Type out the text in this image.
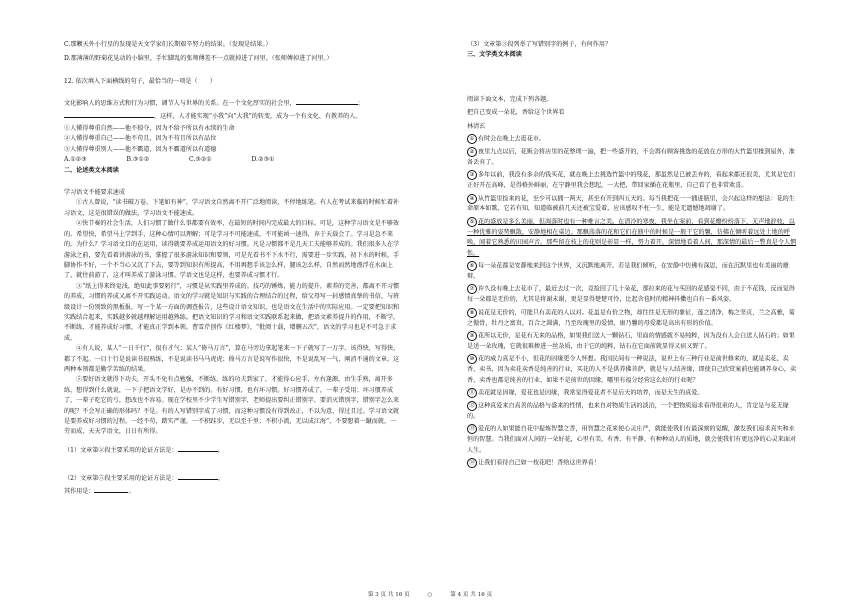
C.那颗天外小行星的发现是天文学家们长期艰辛努力的结果。（发现是结果。）

D.那薄薄的野菊花晃动的小脑里，手忙脚乱的张师傅差不一点就掉进了河里。（张师傅掉进了河里。）

12. 依次填入下面横线的句子，最恰当的一项是（　　）

文化影响人的思维方式和行为习惯，调节人与世界的关系。在一个文化厚实的社会里，	；，这样，人才能实现“小我”向“大我”的转变，成为一个有文化、有教养的人。

①人懂得尊重自然——他不掠夺，因为不给予所以有永续的生命

②人懂得尊重自己——他不苟且，因为不苟且所以有品位

③人懂得尊重别人——他不霸道，因为不霸道所以有道德

A.①②③	B.③①②	C.③②①	D.②③①

二、论述类文本阅读

学习语文不能要求速成

①古人曾说，“读书破万卷，下笔如有神”，学习语文自然离不开广泛地阅读，不停地练笔。有人在考试来临的时候忙着补习语文，这是很错误的做法，学习语文不能速成。

②快节奏的社会生活，人们习惯了做什么事都要有效率，在最短的时间内完成最大的目标。可是，这种学习语文是不够效的。希望快，希望马上学到手，这种心情可以理解；可是学习不可能速成，不可能函一速得，弃于天载会了。学习是急不来的。为什么？学习语文目的在运用，读得就要养成运用语文的好习惯。凡是习惯都不是几天工夫能够养成的。我们很多人在学游泳之前，要先看着讲游泳的书，掌握了很多游泳知识和要领，可是光看书不下水不行，需要进一步实践，初下水的时候，手脚协作不好，一个不当心又沉了下去，要等到知识有所提高，不用再想手该怎么样，腿该怎么样，自然而然地漂浮在水面上了，就往前游了，这才叫养成了游泳习惯。学语文也是这样，也要养成习惯才行。

③“纸上得来终觉浅，绝知此事要躬行”，习惯是从实践里养成的。技巧的锤炼，能力的提升，素养的完善，都离不开习惯的养成，习惯的养成又离不开实践运动。语文的学习就是知识与实践的合理结合的过程，给父母写一封感情真挚的书信，与班级设计一份别致的黑板报，写一个某一方面的调查报告，这些设计语文知识，也是语文在生活中的实际应用。一定要把知识和实践结合起来，实践越多就越理解运用越熟练。把语文知识的学习和语文实践联系起来做，把语文素养提升的作用，不断学，不断练，才能养成好习惯，才能真正学到本领。曹雪芹创作《红楼梦》，“批阅十载，增删五次”，语文的学习也是不可急于求成。

④有人说，某人“一日千行”，很有才气；某人“倚马万言”，算在马旁边拿起笔来一下子就写了一万字。该得快，写得快，都了不起。一目十行是说读书很熟练，不是说读书马马虎虎；倚马万言是说写作很快，不是说乱写一气，阐消不通的文章。这两种本领都是勤学苦练的结果。

⑤要好语文就得下功夫，开头不免有点勉强，不断练，练的功夫到家了，才能得心应手，左右逢源，由生手熟，离开多练，想得到什么就说，一下子把语文学好，是办不到的。有好习惯，也有坏习惯。好习惯养成了，一辈子受用；坏习惯养成了，一辈子吃它的亏，想改也不容易。现在学校里不少学生写错别字，老师提出要纠正错别字，要消灭错别字，错别字怎么来的呢？不会写正确的形体吗？不是。有的人写错别字成了习惯，而这种习惯没有得到改正，不以为意，得过且过。学习语文就是要养成好习惯的过程。一经不苟，踏实严谨，一不积跬步，无以至千里；不积小流，无以成江海”，不要想着一蹴而就，一劳而成，天天学语文，日日有所得。

（1）文章第②段主要采用的论证方法是：	。

（2）文章第⑤段主要采用的论证方法是：	。

其作用是：	。

（3）文章第③段列举了写错别字的例子，有何作用？

三、文学类文本阅读

阅读下面文本，完成下列各题。

把自己变成一朵花，香给这个世界看

林清玄

① 有时会在晚上去逛花市。

② 夜里九点以后，花贩会将店里的花整理一遍，把一些盛开的，不会再有顾客挑选的花放在方形的大竹篮里推到屋外，准备丢弃了。

③ 多年以前，我没有多余的钱买花，就在晚上去挑选竹篮中的残花，那虽然是已被丢弃的，看起来都还很美，尤其是它们正好开在高峰，是得格外鲜丽，在宁静里我会想起，一大把，带回家插在花瓶里，自己看了也非常欢喜。

④ 从竹篮里捡来的花，至少可以插一两天，甚至有开到四五天的。每当我把花一一插进瓶里，会兴起这样的想法：花的生命原本如歌，它若有知，知道临被前几天还被宝爱着，应该感叹不枉一生，能是无遗憾地凋谢了。

⑤ 花的盛放是多么美丽，但凋落时也有一种难言之美。在清冷的寒夜，我坐在案前，看到花瓣纷纷落下，无声地辞枝，以一种优雅的姿势飘散，安静地相在桌边。那飘荡落的花和它们在瓶中的时候是一般干它的馨，仿佛在倾听着远处土地的呼唤，闻着它熟悉的田园声音。那些留在枝上的花则是彰显一样，努力着开，深情地看着人间，那深情的最后一瞥真是令人惘怅。

⑥ 每一朵花都是安静地来到这个世界，又沉默地离开。若是我们倾听，在安静中仿佛有深思，而在沉默里也有美丽的雄辩。

⑦ 许久没有晚上去花市了，最近去过一次，竟捡回了几十朵花，那拉来的花与买回的花感觉不同，由于不花钱，反而觉得每一朵都是无价的，尤其是将谢未谢，更是显得楚楚可怜，比起含苞时的精神抖擞也自有一番风姿。

⑧ 说花是无价的，可能只有卖花的人以对。花虽是有价之物，却往往是无形的象征，莲之清净，梅之坚贞，兰之高雅，菊之傲骨，牡丹之富贵，百合之圆满，乃至玫瑰里的爱情，康乃馨的母爱都是高出有形的价值。

⑨ 花所以无价，是花有无来的品格，如果我们送人一颗钻石，里面的情感就不易纯粹，因为没有人会白送人钻石的；如果是送一朵玫瑰，它就很难掺进一丝杂质，由于它的纯粹，钻石在它面前就显得又宿又野了。

⑩ 花的威力真是不小，但花的因缘更令人怀想。我国民间有一种说法，说世上有三种行业是前世修来的，就是卖花、卖香、卖书，因为卖花卖香是纯善的行业，买花的人不是供养佛菩萨，就是与人结善缘，即使自己欣赏案前也能调养身心，卖香、卖香也都是纯善的行业，如果不是前世的因缘，哪里有福分经营这么好的行业呢？

⑪ 卖花就是因缘，爱花也是因缘，我常觉得爱花者不是后天的培养，而是天生的真爱。

⑫ 这种真爱来自真善的品格与盛来的性情，也来自对物质生活的淡泊，一个把物质追求看得很重的人，肯定是与花无缘的。

⑬ 爱花的人如果能自花中提炼智慧之香，用智慧之花来使心灵庄严，就能使我们有最深刻的觉醒，激发我们追求真实和永恒的智慧。当我们面对人间的一朵好花，心里有美、有香、有平静、有种种动人的质地，就会使我们有更远净的心灵来面对人生。

⑭ 让我们看待自己如一枝花吧！香给这世界看！

第 3 页 共 16 页	○	第 4 页 共 16 页
